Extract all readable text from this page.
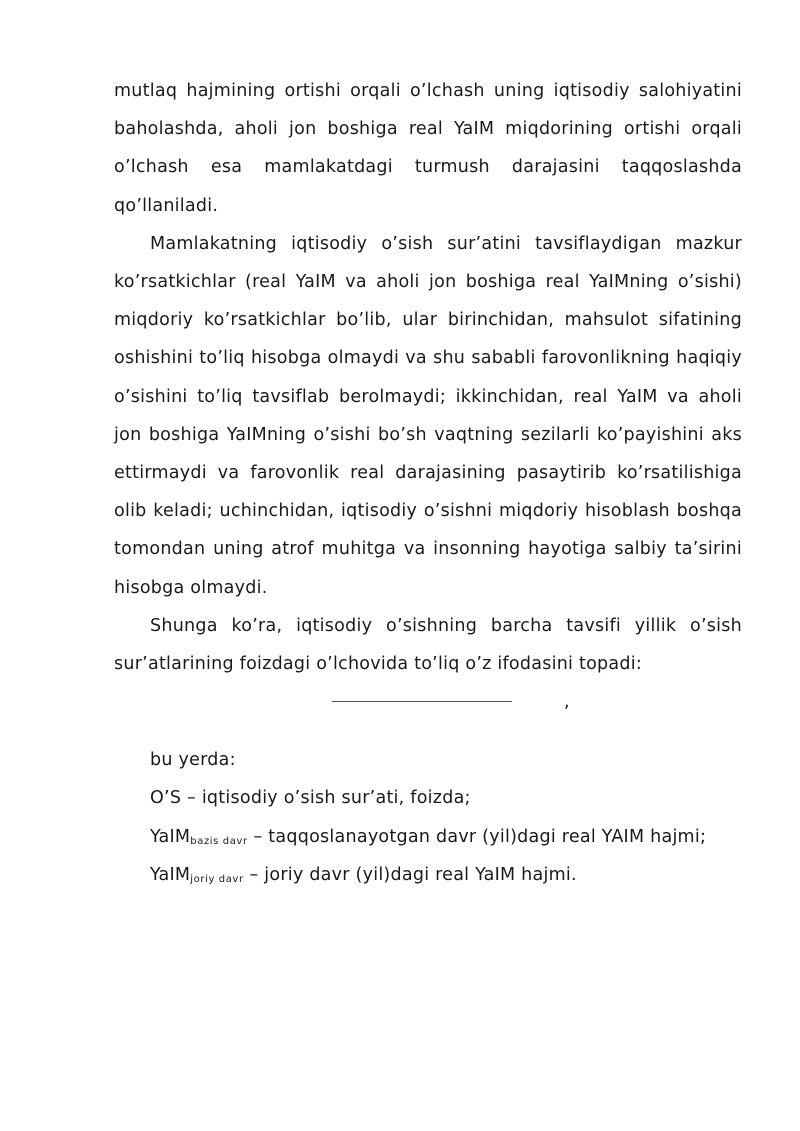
mutlaq hajmining ortishi orqali o’lchash uning iqtisodiy salohiyatini baholashda, aholi jon boshiga real YaIM miqdorining ortishi orqali o’lchash esa mamlakatdagi turmush darajasini taqqoslashda qo’llaniladi.

Mamlakatning iqtisodiy o’sish sur’atini tavsiflaydigan mazkur ko’rsatkichlar (real YaIM va aholi jon boshiga real YaIMning o’sishi) miqdoriy ko’rsatkichlar bo’lib, ular birinchidan, mahsulot sifatining oshishini to’liq hisobga olmaydi va shu sababli farovonlikning haqiqiy o’sishini to’liq tavsiflab berolmaydi; ikkinchidan, real YaIM va aholi jon boshiga YaIMning o’sishi bo’sh vaqtning sezilarli ko’payishini aks ettirmaydi va farovonlik real darajasining pasaytirib ko’rsatilishiga olib keladi; uchinchidan, iqtisodiy o’sishni miqdoriy hisoblash boshqa tomondan uning atrof muhitga va insonning hayotiga salbiy ta’sirini hisobga olmaydi.

Shunga ko’ra, iqtisodiy o’sishning barcha tavsifi yillik o’sish sur’atlarining foizdagi o’lchovida to’liq o’z ifodasini topadi:

,

bu yerda:

O’S – iqtisodiy o’sish sur’ati, foizda;

YaIM$_{bazis davr}$ – taqqoslanayotgan davr (yil)dagi real YAIM hajmi;

YaIM$_{joriy davr}$ – joriy davr (yil)dagi real YaIM hajmi.
